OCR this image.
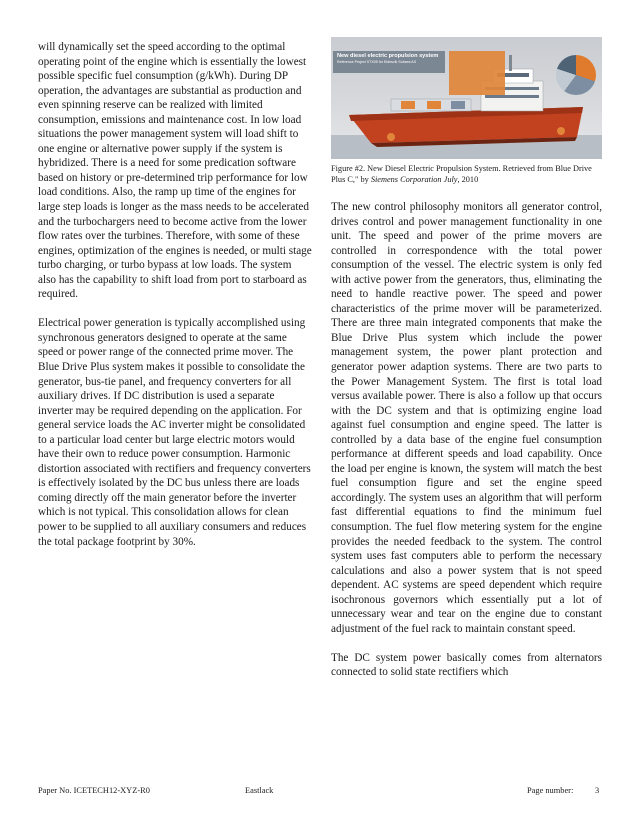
will dynamically set the speed according to the optimal operating point of the engine which is essentially the lowest possible specific fuel consumption (g/kWh). During DP operation, the advantages are substantial as production and even spinning reserve can be realized with limited consumption, emissions and maintenance cost. In low load situations the power management system will load shift to one engine or alternative power supply if the system is hybridized. There is a need for some predication software based on history or pre-determined trip performance for low load conditions. Also, the ramp up time of the engines for large step loads is longer as the mass needs to be accelerated and the turbochargers need to become active from the lower flow rates over the turbines. Therefore, with some of these engines, optimization of the engines is needed, or multi stage turbo charging, or turbo bypass at low loads. The system also has the capability to shift load from port to starboard as required.

Electrical power generation is typically accomplished using synchronous generators designed to operate at the same speed or power range of the connected prime mover. The Blue Drive Plus system makes it possible to consolidate the generator, bus-tie panel, and frequency converters for all auxiliary drives. If DC distribution is used a separate inverter may be required depending on the application. For general service loads the AC inverter might be consolidated to a particular load center but large electric motors would have their own to reduce power consumption. Harmonic distortion associated with rectifiers and frequency converters is effectively isolated by the DC bus unless there are loads coming directly off the main generator before the inverter which is not typical. This consolidation allows for clean power to be supplied to all auxiliary consumers and reduces the total package footprint by 30%.

New diesel electric propulsion system
Reference Project STX05 for Eidesvik Subsea AS
Figure #2. New Diesel Electric Propulsion System. Retrieved from Blue Drive Plus C," by Siemens Corporation July, 2010

The new control philosophy monitors all generator control, drives control and power management functionality in one unit. The speed and power of the prime movers are controlled in correspondence with the total power consumption of the vessel. The electric system is only fed with active power from the generators, thus, eliminating the need to handle reactive power. The speed and power characteristics of the prime mover will be parameterized. There are three main integrated components that make the Blue Drive Plus system which include the power management system, the power plant protection and generator power adaption systems. There are two parts to the Power Management System. The first is total load versus available power. There is also a follow up that occurs with the DC system and that is optimizing engine load against fuel consumption and engine speed. The latter is controlled by a data base of the engine fuel consumption performance at different speeds and load capability. Once the load per engine is known, the system will match the best fuel consumption figure and set the engine speed accordingly. The system uses an algorithm that will perform fast differential equations to find the minimum fuel consumption. The fuel flow metering system for the engine provides the needed feedback to the system. The control system uses fast computers able to perform the necessary calculations and also a power system that is not speed dependent. AC systems are speed dependent which require isochronous governors which essentially put a lot of unnecessary wear and tear on the engine due to constant adjustment of the fuel rack to maintain constant speed.

The DC system power basically comes from alternators connected to solid state rectifiers which

Paper No. ICETECH12-XYZ-R0	Eastlack	Page number:	3
